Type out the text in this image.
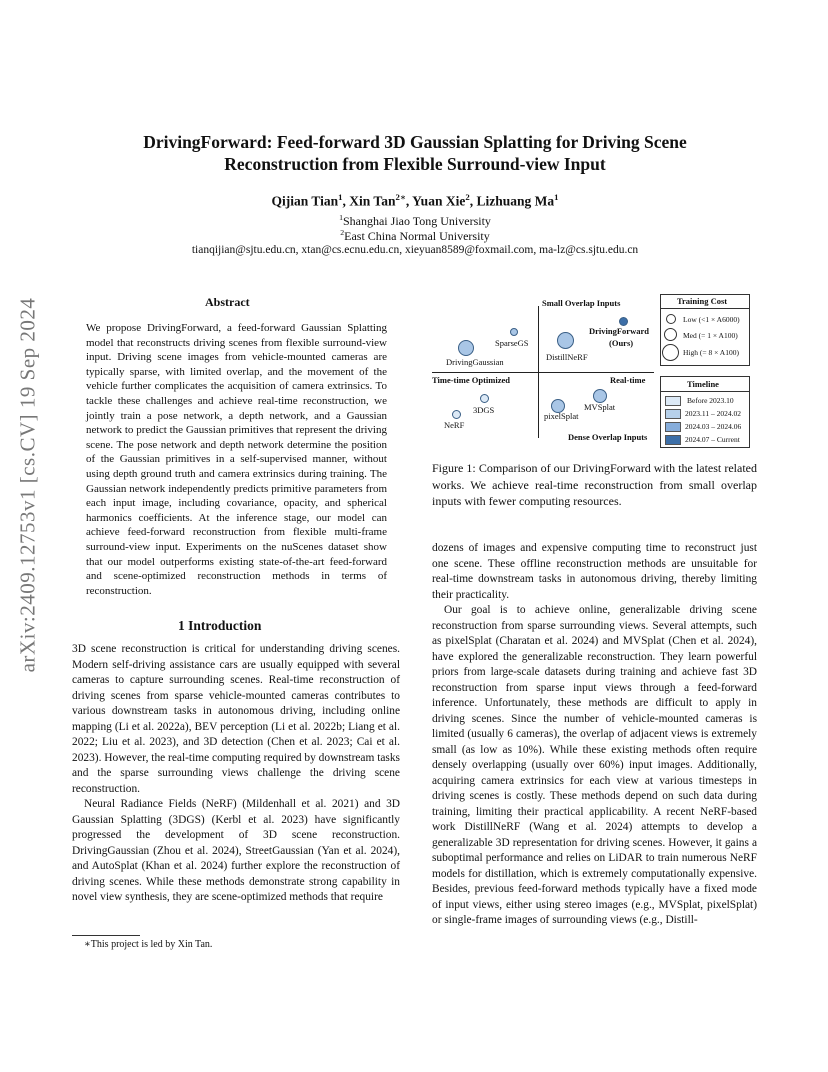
arXiv:2409.12753v1 [cs.CV] 19 Sep 2024
DrivingForward: Feed-forward 3D Gaussian Splatting for Driving Scene
Reconstruction from Flexible Surround-view Input
Qijian Tian$^1$, Xin Tan$^{2∗}$, Yuan Xie$^2$, Lizhuang Ma$^1$
$^1$Shanghai Jiao Tong University
$^2$East China Normal University
tianqijian@sjtu.edu.cn, xtan@cs.ecnu.edu.cn, xieyuan8589@foxmail.com, ma-lz@cs.sjtu.edu.cn
Abstract

We propose DrivingForward, a feed-forward Gaussian Splatting model that reconstructs driving scenes from flexible surround-view input. Driving scene images from vehicle-mounted cameras are typically sparse, with limited overlap, and the movement of the vehicle further complicates the acquisition of camera extrinsics. To tackle these challenges and achieve real-time reconstruction, we jointly train a pose network, a depth network, and a Gaussian network to predict the Gaussian primitives that represent the driving scene. The pose network and depth network determine the position of the Gaussian primitives in a self-supervised manner, without using depth ground truth and camera extrinsics during training. The Gaussian network independently predicts primitive parameters from each input image, including covariance, opacity, and spherical harmonics coefficients. At the inference stage, our model can achieve feed-forward reconstruction from flexible multi-frame surround-view input. Experiments on the nuScenes dataset show that our model outperforms existing state-of-the-art feed-forward and scene-optimized reconstruction methods in terms of reconstruction.

1 Introduction

3D scene reconstruction is critical for understanding driving scenes. Modern self-driving assistance cars are usually equipped with several cameras to capture surrounding scenes. Real-time reconstruction of driving scenes from sparse vehicle-mounted cameras contributes to various downstream tasks in autonomous driving, including online mapping (Li et al. 2022a), BEV perception (Li et al. 2022b; Liang et al. 2022; Liu et al. 2023), and 3D detection (Chen et al. 2023; Cai et al. 2023). However, the real-time computing required by downstream tasks and the sparse surrounding views challenge the driving scene reconstruction.

Neural Radiance Fields (NeRF) (Mildenhall et al. 2021) and 3D Gaussian Splatting (3DGS) (Kerbl et al. 2023) have significantly progressed the development of 3D scene reconstruction. DrivingGaussian (Zhou et al. 2024), StreetGaussian (Yan et al. 2024), and AutoSplat (Khan et al. 2024) further explore the reconstruction of driving scenes. While these methods demonstrate strong capability in novel view synthesis, they are scene-optimized methods that require

∗This project is led by Xin Tan.
Small Overlap Inputs
Dense Overlap Inputs
Time-time Optimized	Real-time
SparseGS
DrivingGaussian
DrivingForward
(Ours)
DistillNeRF
3DGS
NeRF
pixelSplat
MVSplat
Training Cost
Low (<1 × A6000)
Med (= 1 × A100)
High (= 8 × A100)
Timeline
Before 2023.10
2023.11 – 2024.02
2024.03 – 2024.06
2024.07 – Current
Figure 1: Comparison of our DrivingForward with the latest related works. We achieve real-time reconstruction from small overlap inputs with fewer computing resources.

dozens of images and expensive computing time to reconstruct just one scene. These offline reconstruction methods are unsuitable for real-time downstream tasks in autonomous driving, thereby limiting their practicality.

Our goal is to achieve online, generalizable driving scene reconstruction from sparse surrounding views. Several attempts, such as pixelSplat (Charatan et al. 2024) and MVSplat (Chen et al. 2024), have explored the generalizable reconstruction. They learn powerful priors from large-scale datasets during training and achieve fast 3D reconstruction from sparse input views through a feed-forward inference. Unfortunately, these methods are difficult to apply in driving scenes. Since the number of vehicle-mounted cameras is limited (usually 6 cameras), the overlap of adjacent views is extremely small (as low as 10%). While these existing methods often require densely overlapping (usually over 60%) input images. Additionally, acquiring camera extrinsics for each view at various timesteps in driving scenes is costly. These methods depend on such data during training, limiting their practical applicability. A recent NeRF-based work DistillNeRF (Wang et al. 2024) attempts to develop a generalizable 3D representation for driving scenes. However, it gains a suboptimal performance and relies on LiDAR to train numerous NeRF models for distillation, which is extremely computationally expensive. Besides, previous feed-forward methods typically have a fixed mode of input views, either using stereo images (e.g., MVSplat, pixelSplat) or single-frame images of surrounding views (e.g., Distill-
